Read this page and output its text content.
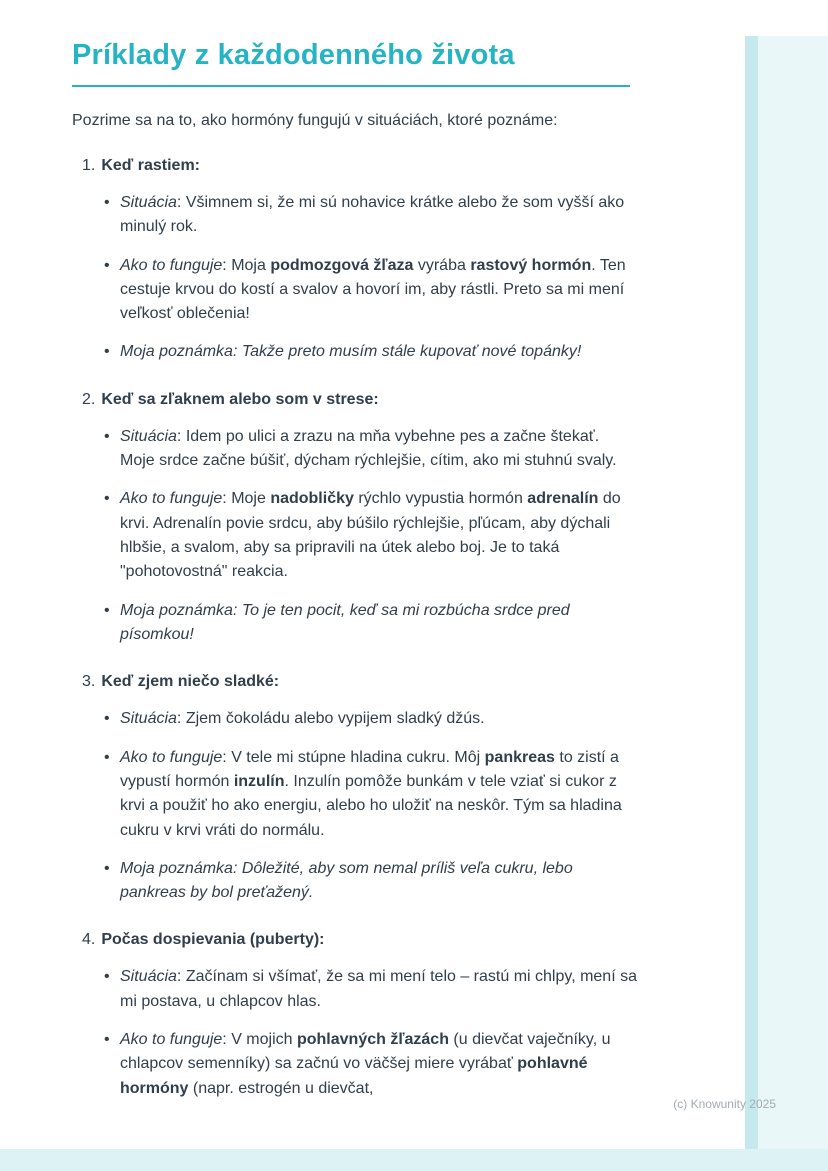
Príklady z každodenného života

Pozrime sa na to, ako hormóny fungujú v situáciách, ktoré poznáme:

1. Keď rastiem:
• Situácia: Všimnem si, že mi sú nohavice krátke alebo že som vyšší ako minulý rok.
• Ako to funguje: Moja podmozgová žľaza vyrába rastový hormón. Ten cestuje krvou do kostí a svalov a hovorí im, aby rástli. Preto sa mi mení veľkosť oblečenia!
• Moja poznámka: Takže preto musím stále kupovať nové topánky!
2. Keď sa zľaknem alebo som v strese:
• Situácia: Idem po ulici a zrazu na mňa vybehne pes a začne štekať. Moje srdce začne búšiť, dýcham rýchlejšie, cítim, ako mi stuhnú svaly.
• Ako to funguje: Moje nadobličky rýchlo vypustia hormón adrenalín do krvi. Adrenalín povie srdcu, aby búšilo rýchlejšie, pľúcam, aby dýchali hlbšie, a svalom, aby sa pripravili na útek alebo boj. Je to taká "pohotovostná" reakcia.
• Moja poznámka: To je ten pocit, keď sa mi rozbúcha srdce pred písomkou!
3. Keď zjem niečo sladké:
• Situácia: Zjem čokoládu alebo vypijem sladký džús.
• Ako to funguje: V tele mi stúpne hladina cukru. Môj pankreas to zistí a vypustí hormón inzulín. Inzulín pomôže bunkám v tele vziať si cukor z krvi a použiť ho ako energiu, alebo ho uložiť na neskôr. Tým sa hladina cukru v krvi vráti do normálu.
• Moja poznámka: Dôležité, aby som nemal príliš veľa cukru, lebo pankreas by bol preťažený.
4. Počas dospievania (puberty):
• Situácia: Začínam si všímať, že sa mi mení telo – rastú mi chlpy, mení sa mi postava, u chlapcov hlas.
• Ako to funguje: V mojich pohlavných žľazách (u dievčat vaječníky, u chlapcov semenníky) sa začnú vo väčšej miere vyrábať pohlavné hormóny (napr. estrogén u dievčat,
(c) Knowunity 2025
